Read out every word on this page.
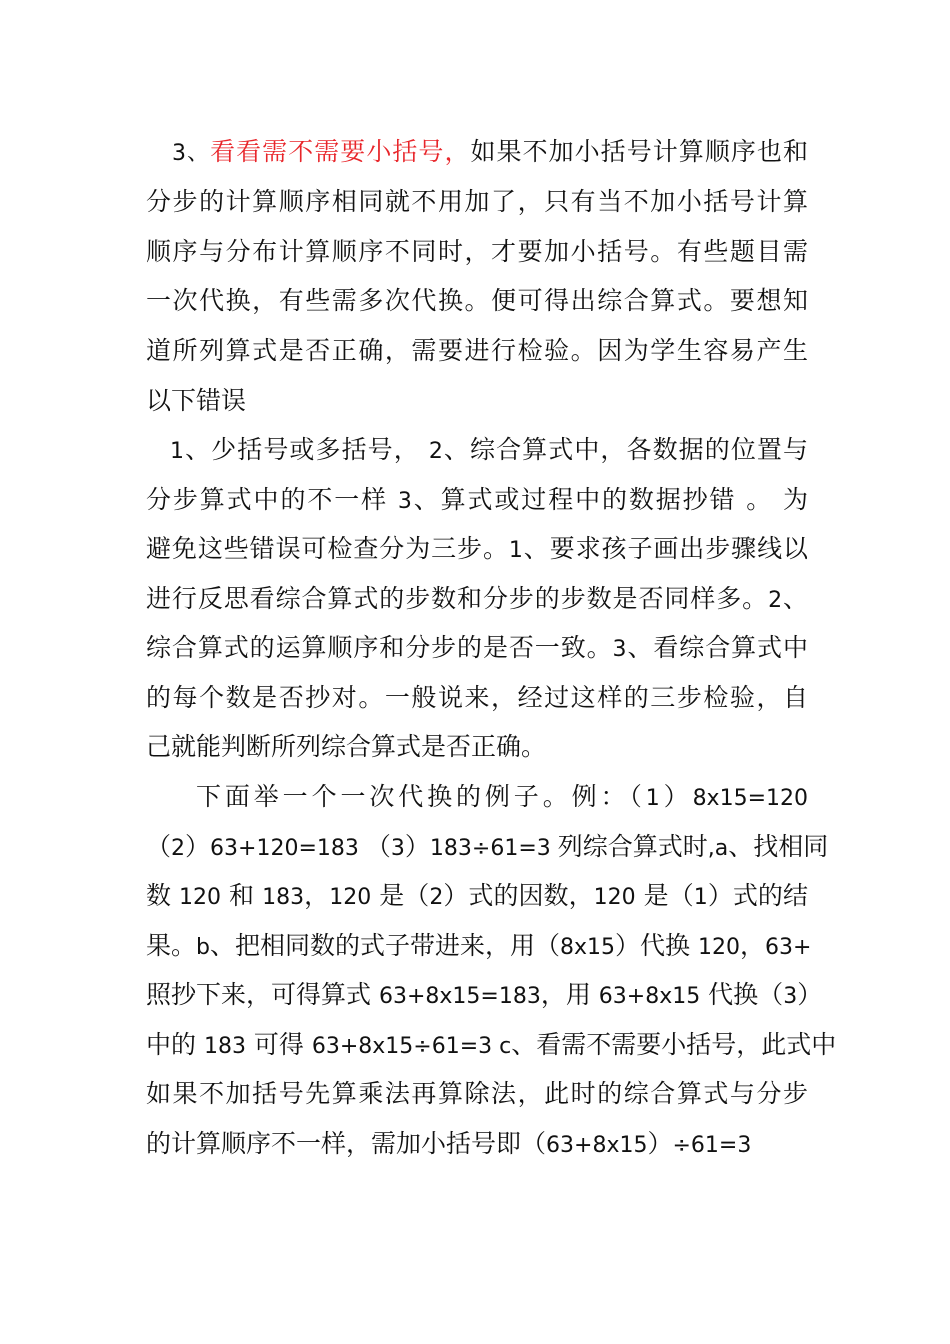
3、看看需不需要小括号，如果不加小括号计算顺序也和
分步的计算顺序相同就不用加了，只有当不加小括号计算
顺序与分布计算顺序不同时，才要加小括号。有些题目需
一次代换，有些需多次代换。便可得出综合算式。要想知
道所列算式是否正确，需要进行检验。因为学生容易产生
以下错误
1、少括号或多括号， 2、综合算式中，各数据的位置与
分步算式中的不一样 3、算式或过程中的数据抄错 。 为
避免这些错误可检查分为三步。1、要求孩子画出步骤线以
进行反思看综合算式的步数和分步的步数是否同样多。2、
综合算式的运算顺序和分步的是否一致。3、看综合算式中
的每个数是否抄对。一般说来，经过这样的三步检验，自
己就能判断所列综合算式是否正确。
下面举一个一次代换的例子。例：（1）8x15=120
（2）63+120=183 （3）183÷61=3 列综合算式时,a、找相同
数 120 和 183，120 是（2）式的因数，120 是（1）式的结
果。b、把相同数的式子带进来，用（8x15）代换 120，63+
照抄下来，可得算式 63+8x15=183，用 63+8x15 代换（3）
中的 183 可得 63+8x15÷61=3 c、看需不需要小括号，此式中
如果不加括号先算乘法再算除法，此时的综合算式与分步
的计算顺序不一样，需加小括号即（63+8x15）÷61=3
